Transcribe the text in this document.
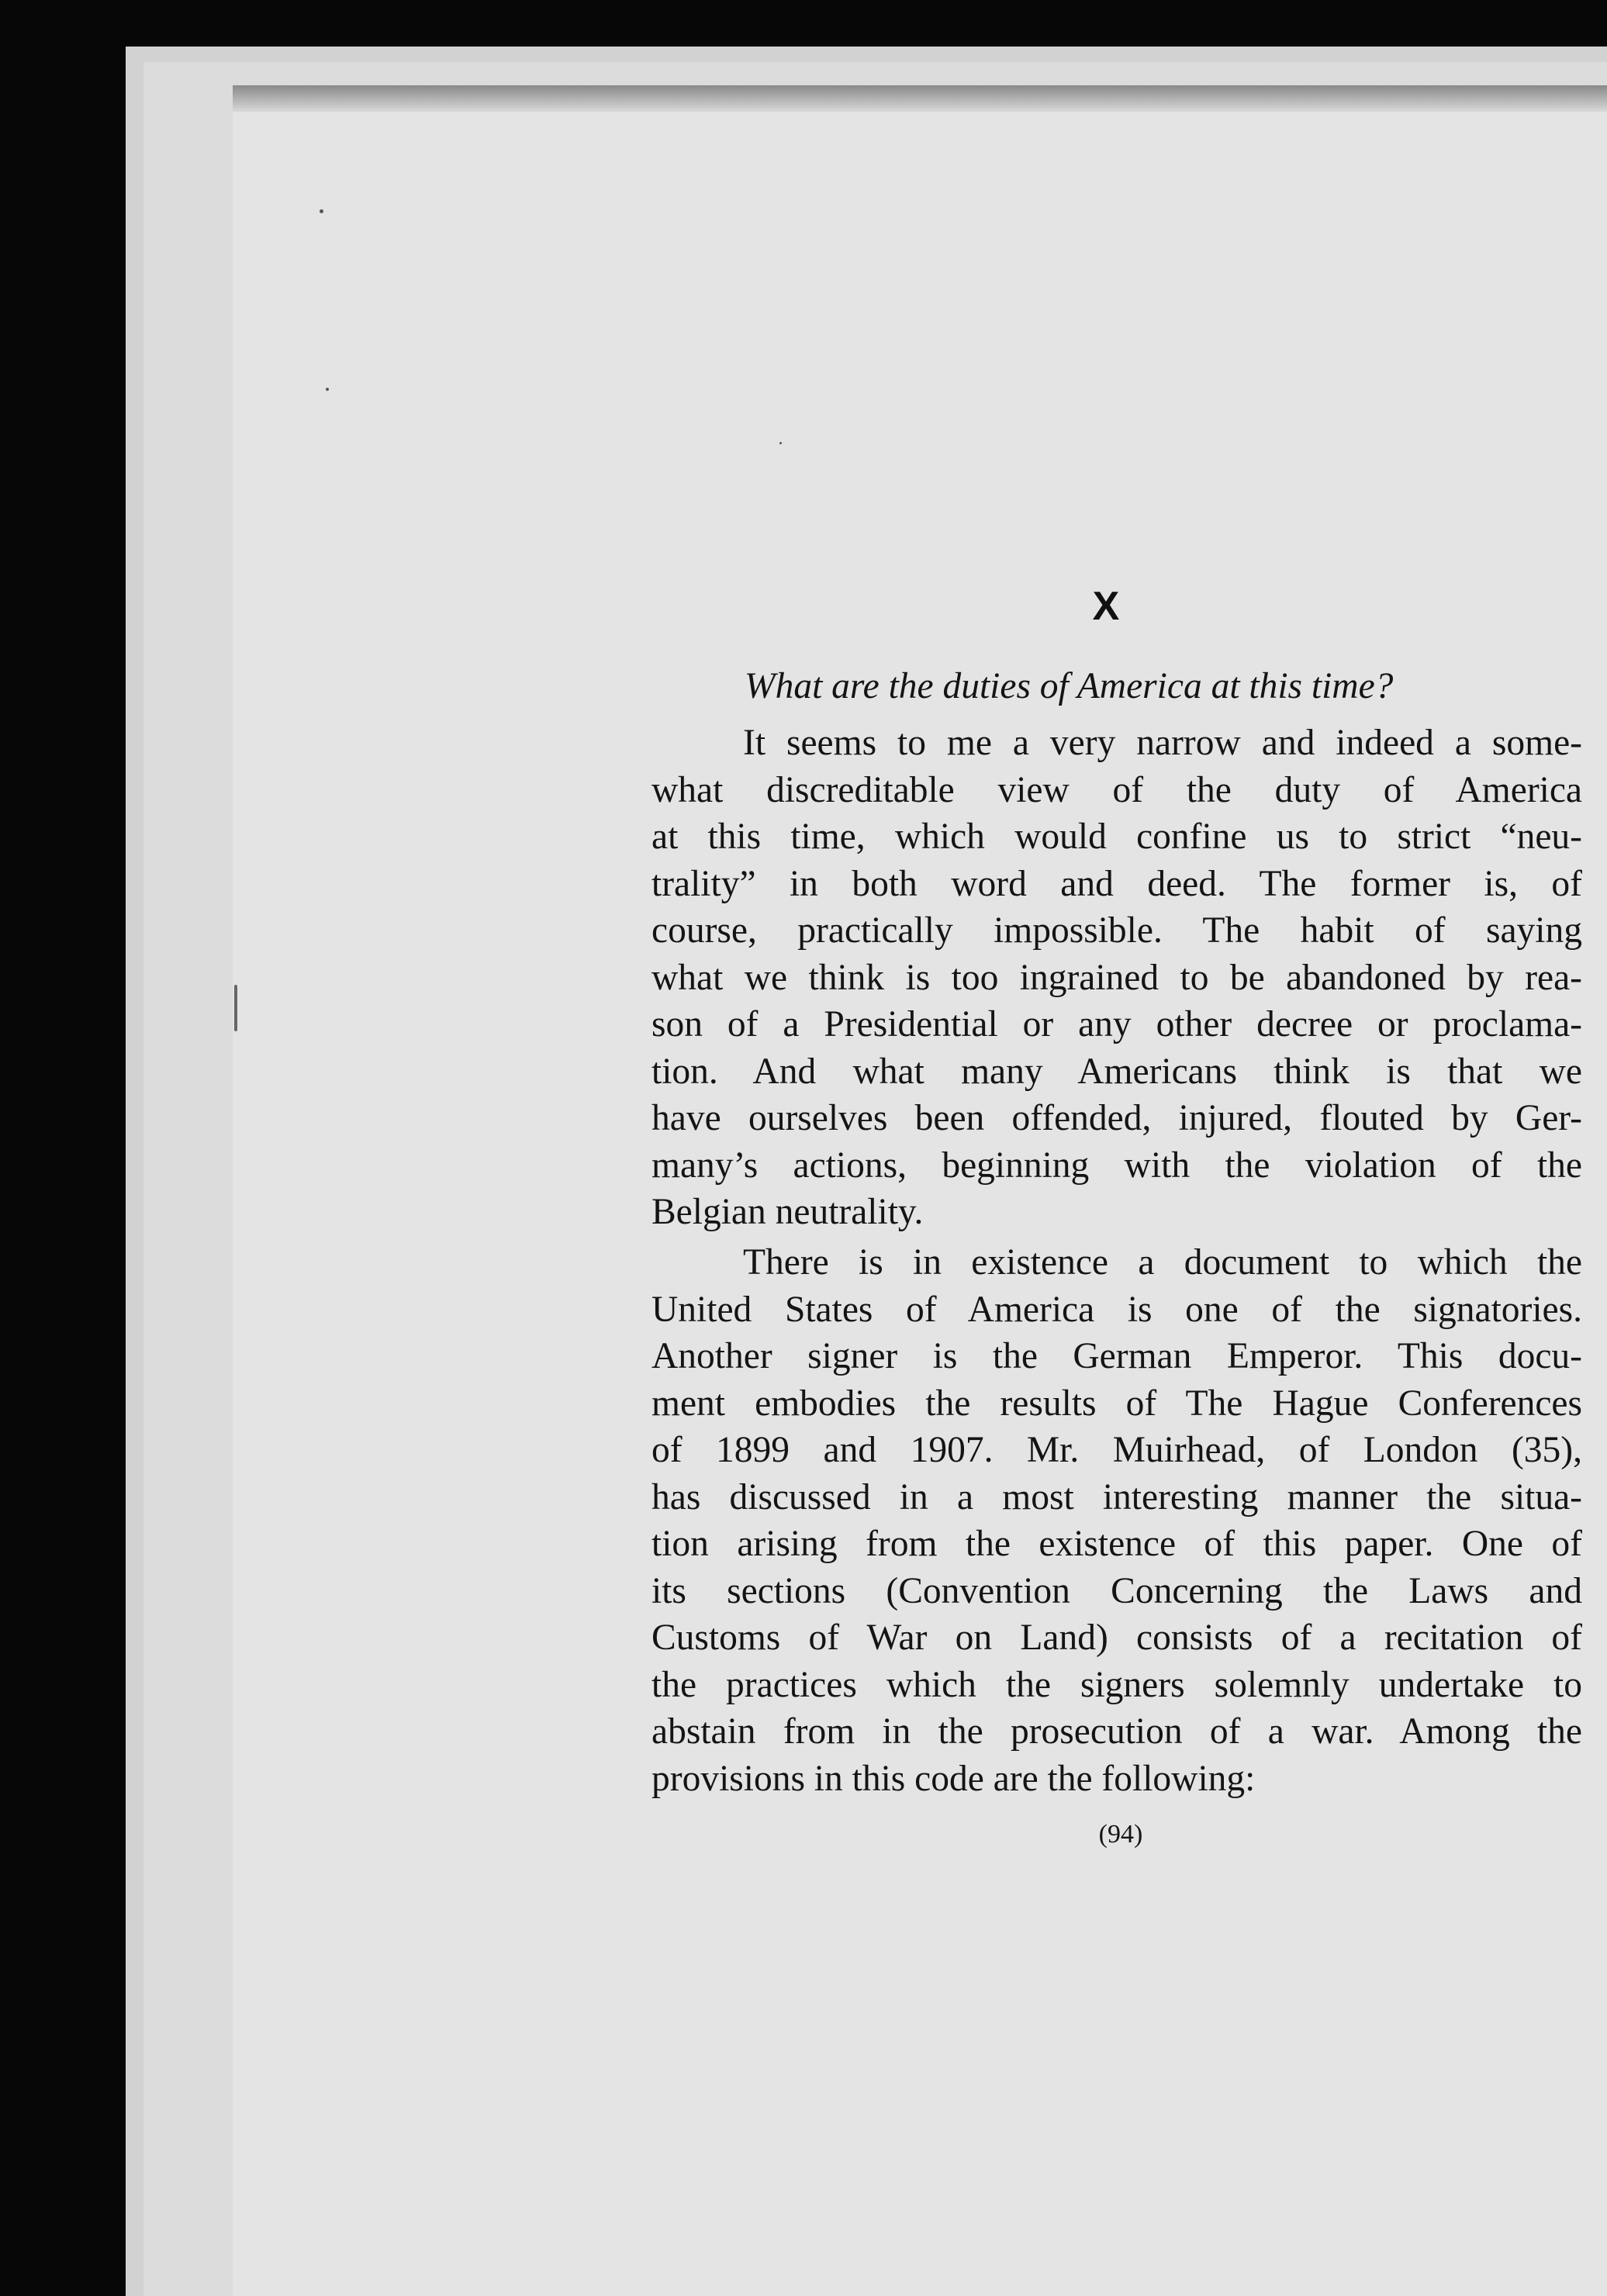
X
What are the duties of America at this time?
It seems to me a very narrow and indeed a some-
what discreditable view of the duty of America
at this time, which would confine us to strict “neu-
trality” in both word and deed. The former is, of
course, practically impossible. The habit of saying
what we think is too ingrained to be abandoned by rea-
son of a Presidential or any other decree or proclama-
tion. And what many Americans think is that we
have ourselves been offended, injured, flouted by Ger-
many’s actions, beginning with the violation of the
Belgian neutrality.
There is in existence a document to which the
United States of America is one of the signatories.
Another signer is the German Emperor. This docu-
ment embodies the results of The Hague Conferences
of 1899 and 1907. Mr. Muirhead, of London (35),
has discussed in a most interesting manner the situa-
tion arising from the existence of this paper. One of
its sections (Convention Concerning the Laws and
Customs of War on Land) consists of a recitation of
the practices which the signers solemnly undertake to
abstain from in the prosecution of a war. Among the
provisions in this code are the following:
(94)
